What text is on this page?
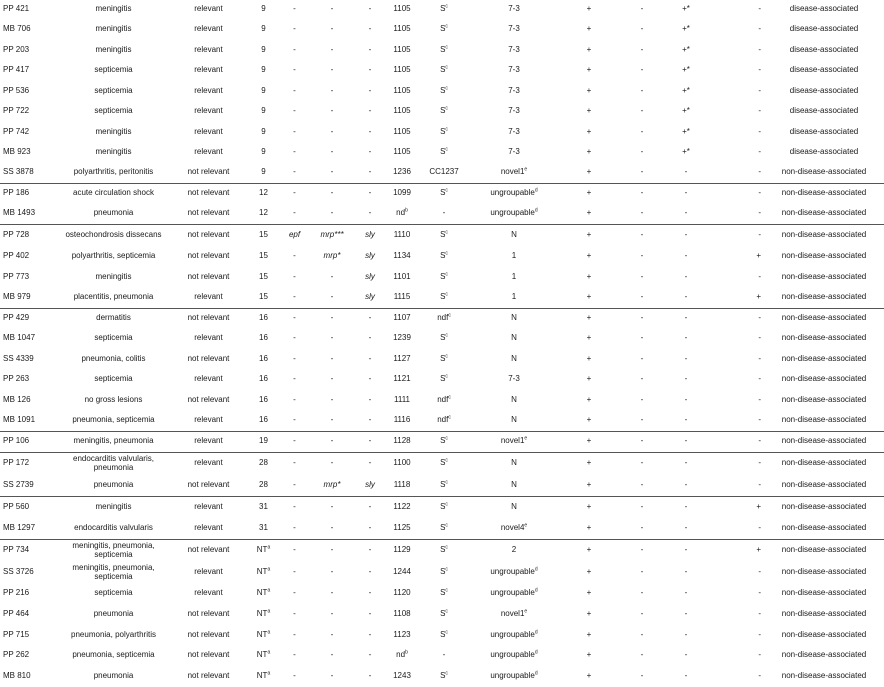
PP 421	meningitis	relevant	9	-	-	-	1105	$S^c$	7-3	+	-	+*	-	disease-associated
MB 706	meningitis	relevant	9	-	-	-	1105	$S^c$	7-3	+	-	+*	-	disease-associated
PP 203	meningitis	relevant	9	-	-	-	1105	$S^c$	7-3	+	-	+*	-	disease-associated
PP 417	septicemia	relevant	9	-	-	-	1105	$S^c$	7-3	+	-	+*	-	disease-associated
PP 536	septicemia	relevant	9	-	-	-	1105	$S^c$	7-3	+	-	+*	-	disease-associated
PP 722	septicemia	relevant	9	-	-	-	1105	$S^c$	7-3	+	-	+*	-	disease-associated
PP 742	meningitis	relevant	9	-	-	-	1105	$S^c$	7-3	+	-	+*	-	disease-associated
MB 923	meningitis	relevant	9	-	-	-	1105	$S^c$	7-3	+	-	+*	-	disease-associated
SS 3878	polyarthritis, peritonitis	not relevant	9	-	-	-	1236	CC1237	$novel1^e$	+	-	-	-	non-disease-associated
PP 186	acute circulation shock	not relevant	12	-	-	-	1099	$S^c$	ungroupable$^d$	+	-	-	-	non-disease-associated
MB 1493	pneumonia	not relevant	12	-	-	-	$nd^b$	-	ungroupable$^d$	+	-	-	-	non-disease-associated
PP 728	osteochondrosis dissecans	not relevant	15	epf	mrp***	sly	1110	$S^c$	N	+	-	-	-	non-disease-associated
PP 402	polyarthritis, septicemia	not relevant	15	-	mrp*	sly	1134	$S^c$	1	+	-	-	+	non-disease-associated
PP 773	meningitis	not relevant	15	-	-	sly	1101	$S^c$	1	+	-	-	-	non-disease-associated
MB 979	placentitis, pneumonia	relevant	15	-	-	sly	1115	$S^c$	1	+	-	-	+	non-disease-associated
PP 429	dermatitis	not relevant	16	-	-	-	1107	ndf$^c$	N	+	-	-	-	non-disease-associated
MB 1047	septicemia	relevant	16	-	-	-	1239	$S^c$	N	+	-	-	-	non-disease-associated
SS 4339	pneumonia, colitis	not relevant	16	-	-	-	1127	$S^c$	N	+	-	-	-	non-disease-associated
PP 263	septicemia	relevant	16	-	-	-	1121	$S^c$	7-3	+	-	-	-	non-disease-associated
MB 126	no gross lesions	not relevant	16	-	-	-	1111	ndf$^c$	N	+	-	-	-	non-disease-associated
MB 1091	pneumonia, septicemia	relevant	16	-	-	-	1116	ndf$^c$	N	+	-	-	-	non-disease-associated
PP 106	meningitis, pneumonia	relevant	19	-	-	-	1128	$S^c$	$novel1^e$	+	-	-	-	non-disease-associated
PP 172	endocarditis valvularis, pneumonia	relevant	28	-	-	-	1100	$S^c$	N	+	-	-	-	non-disease-associated
SS 2739	pneumonia	not relevant	28	-	mrp*	sly	1118	$S^c$	N	+	-	-	-	non-disease-associated
PP 560	meningitis	relevant	31	-	-	-	1122	$S^c$	N	+	-	-	+	non-disease-associated
MB 1297	endocarditis valvularis	relevant	31	-	-	-	1125	$S^c$	$novel4^e$	+	-	-	-	non-disease-associated
PP 734	meningitis, pneumonia, septicemia	not relevant	$NT^a$	-	-	-	1129	$S^c$	2	+	-	-	+	non-disease-associated
SS 3726	meningitis, pneumonia, septicemia	relevant	$NT^a$	-	-	-	1244	$S^c$	ungroupable$^d$	+	-	-	-	non-disease-associated
PP 216	septicemia	relevant	$NT^a$	-	-	-	1120	$S^c$	ungroupable$^d$	+	-	-	-	non-disease-associated
PP 464	pneumonia	not relevant	$NT^a$	-	-	-	1108	$S^c$	$novel1^e$	+	-	-	-	non-disease-associated
PP 715	pneumonia, polyarthritis	not relevant	$NT^a$	-	-	-	1123	$S^c$	ungroupable$^d$	+	-	-	-	non-disease-associated
PP 262	pneumonia, septicemia	not relevant	$NT^a$	-	-	-	$nd^b$	-	ungroupable$^d$	+	-	-	-	non-disease-associated
MB 810	pneumonia	not relevant	$NT^a$	-	-	-	1243	$S^c$	ungroupable$^d$	+	-	-	-	non-disease-associated
